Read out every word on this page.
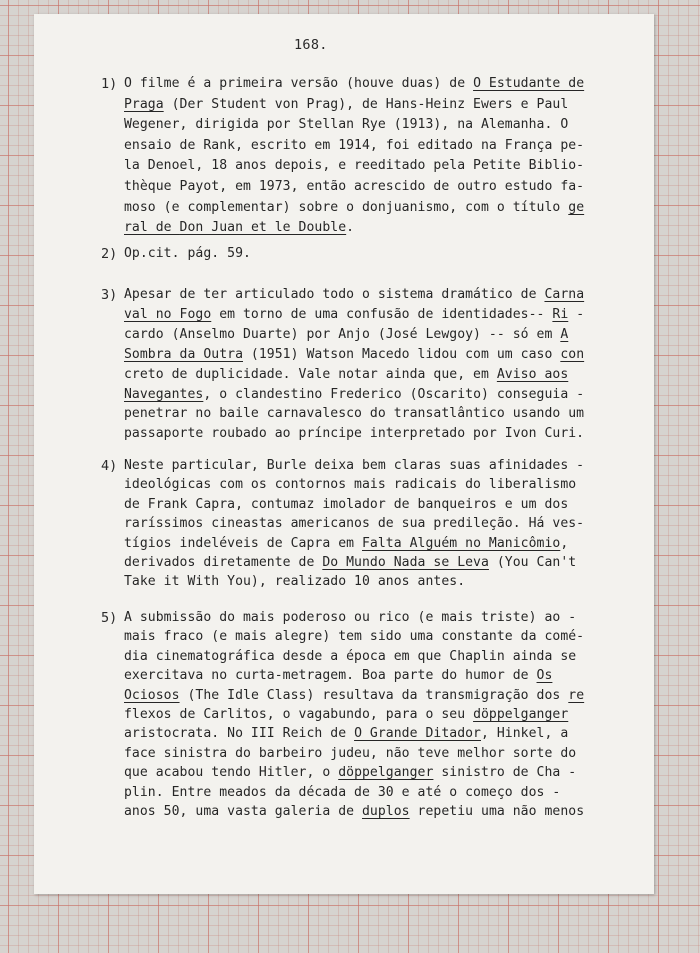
168.
1) O filme é a primeira versão (houve duas) de O Estudante de
Praga (Der Student von Prag), de Hans-Heinz Ewers e Paul
Wegener, dirigida por Stellan Rye (1913), na Alemanha. O
ensaio de Rank, escrito em 1914, foi editado na França pe-
la Denoel, 18 anos depois, e reeditado pela Petite Biblio-
thèque Payot, em 1973, então acrescido de outro estudo fa-
moso (e complementar) sobre o donjuanismo, com o título ge
ral de Don Juan et le Double.
2) Op.cit. pág. 59.
3) Apesar de ter articulado todo o sistema dramático de Carna
val no Fogo em torno de uma confusão de identidades-- Ri -
cardo (Anselmo Duarte) por Anjo (José Lewgoy) -- só em A
Sombra da Outra (1951) Watson Macedo lidou com um caso con
creto de duplicidade. Vale notar ainda que, em Aviso aos
Navegantes, o clandestino Frederico (Oscarito) conseguia -
penetrar no baile carnavalesco do transatlântico usando um
passaporte roubado ao príncipe interpretado por Ivon Curi.
4) Neste particular, Burle deixa bem claras suas afinidades -
ideológicas com os contornos mais radicais do liberalismo
de Frank Capra, contumaz imolador de banqueiros e um dos
raríssimos cineastas americanos de sua predileção. Há ves-
tígios indeléveis de Capra em Falta Alguém no Manicômio,
derivados diretamente de Do Mundo Nada se Leva (You Can't
Take it With You), realizado 10 anos antes.
5) A submissão do mais poderoso ou rico (e mais triste) ao -
mais fraco (e mais alegre) tem sido uma constante da comé-
dia cinematográfica desde a época em que Chaplin ainda se
exercitava no curta-metragem. Boa parte do humor de Os
Ociosos (The Idle Class) resultava da transmigração dos re
flexos de Carlitos, o vagabundo, para o seu döppelganger
aristocrata. No III Reich de O Grande Ditador, Hinkel, a
face sinistra do barbeiro judeu, não teve melhor sorte do
que acabou tendo Hitler, o döppelganger sinistro de Cha -
plin. Entre meados da década de 30 e até o começo dos -
anos 50, uma vasta galeria de duplos repetiu uma não menos
